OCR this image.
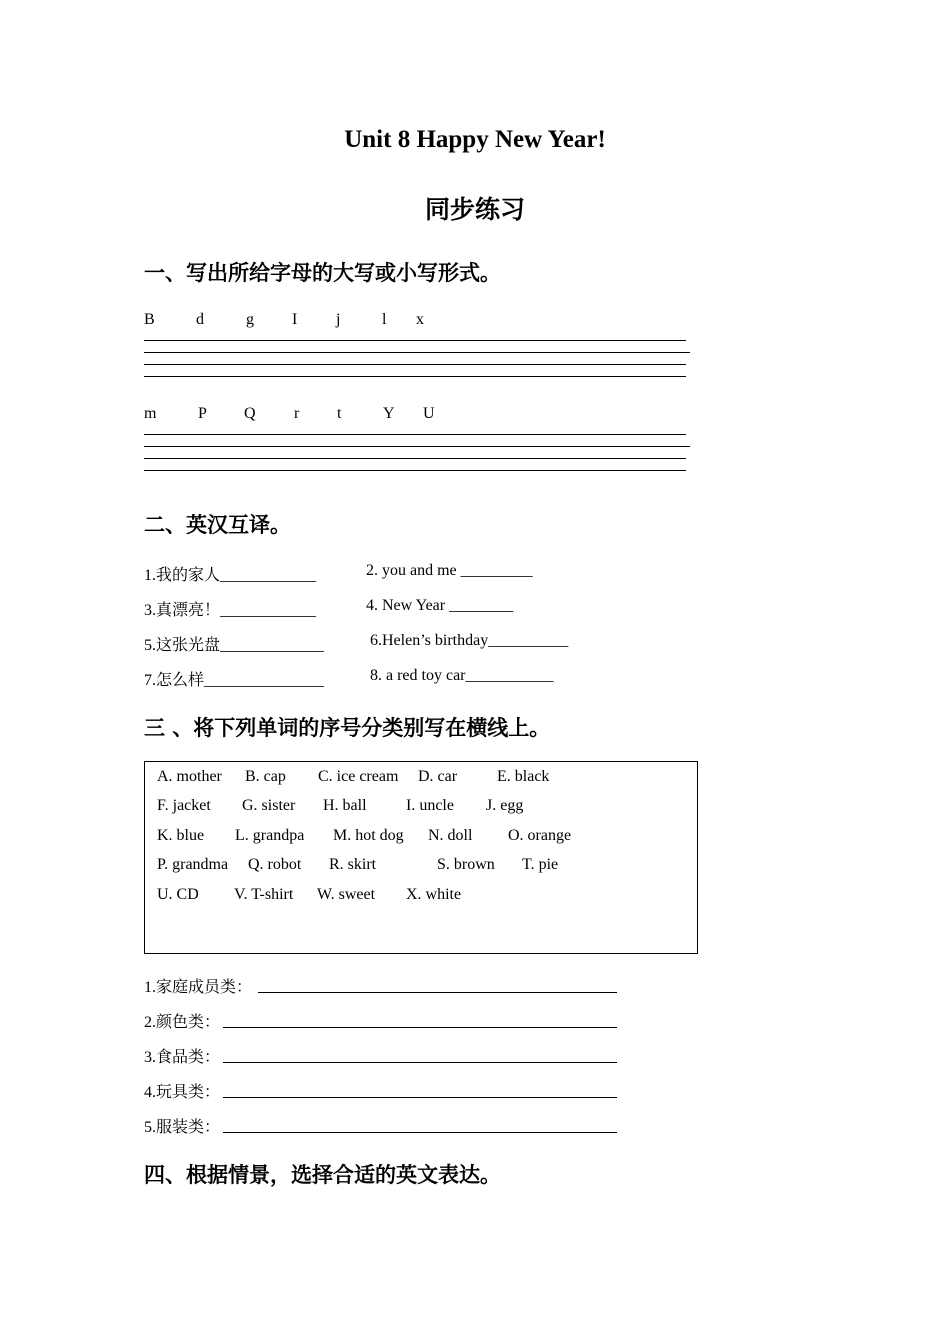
Unit 8 Happy New Year!
同步练习
一、写出所给字母的大写或小写形式。
B	d	g I j	l x
m	P Q r t	Y U
二、英汉互译。
1.我的家人____________	2. you and me _________
3.真漂亮！____________	4. New Year ________
5.这张光盘_____________	6.Helen’s birthday__________
7.怎么样_______________	8. a red toy car___________
三 、将下列单词的序号分类别写在横线上。
A. mother B. cap C. ice cream D. car E. black
F. jacket G. sister H. ball I. uncle J. egg
K. blue L. grandpa M. hot dog N. doll O. orange
P. grandma Q. robot R. skirt	S. brown T. pie
U. CD V. T-shirt W. sweet X. white
1.家庭成员类：
2.颜色类：
3.食品类：
4.玩具类：
5.服装类：
四、根据情景，选择合适的英文表达。
